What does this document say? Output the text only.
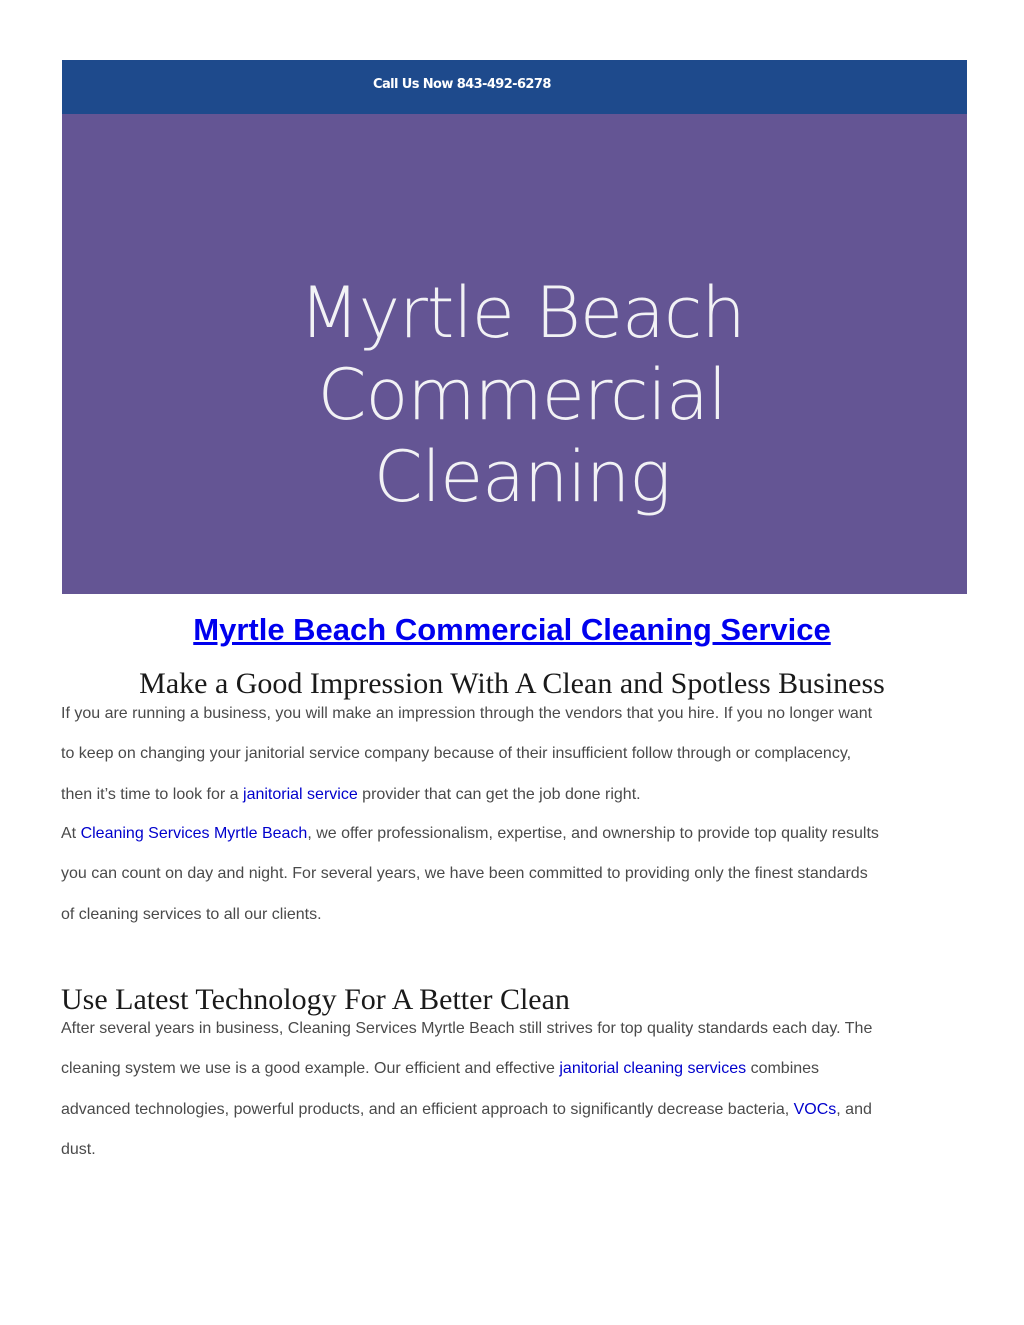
Call Us Now 843-492-6278
Myrtle Beach
Commercial
Cleaning
Myrtle Beach Commercial Cleaning Service
Make a Good Impression With A Clean and Spotless Business
If you are running a business, you will make an impression through the vendors that you hire. If you no longer want
to keep on changing your janitorial service company because of their insufficient follow through or complacency,
then it’s time to look for a janitorial service provider that can get the job done right.
At Cleaning Services Myrtle Beach, we offer professionalism, expertise, and ownership to provide top quality results
you can count on day and night. For several years, we have been committed to providing only the finest standards
of cleaning services to all our clients.
Use Latest Technology For A Better Clean
After several years in business, Cleaning Services Myrtle Beach still strives for top quality standards each day. The
cleaning system we use is a good example. Our efficient and effective janitorial cleaning services combines
advanced technologies, powerful products, and an efficient approach to significantly decrease bacteria, VOCs, and
dust.
